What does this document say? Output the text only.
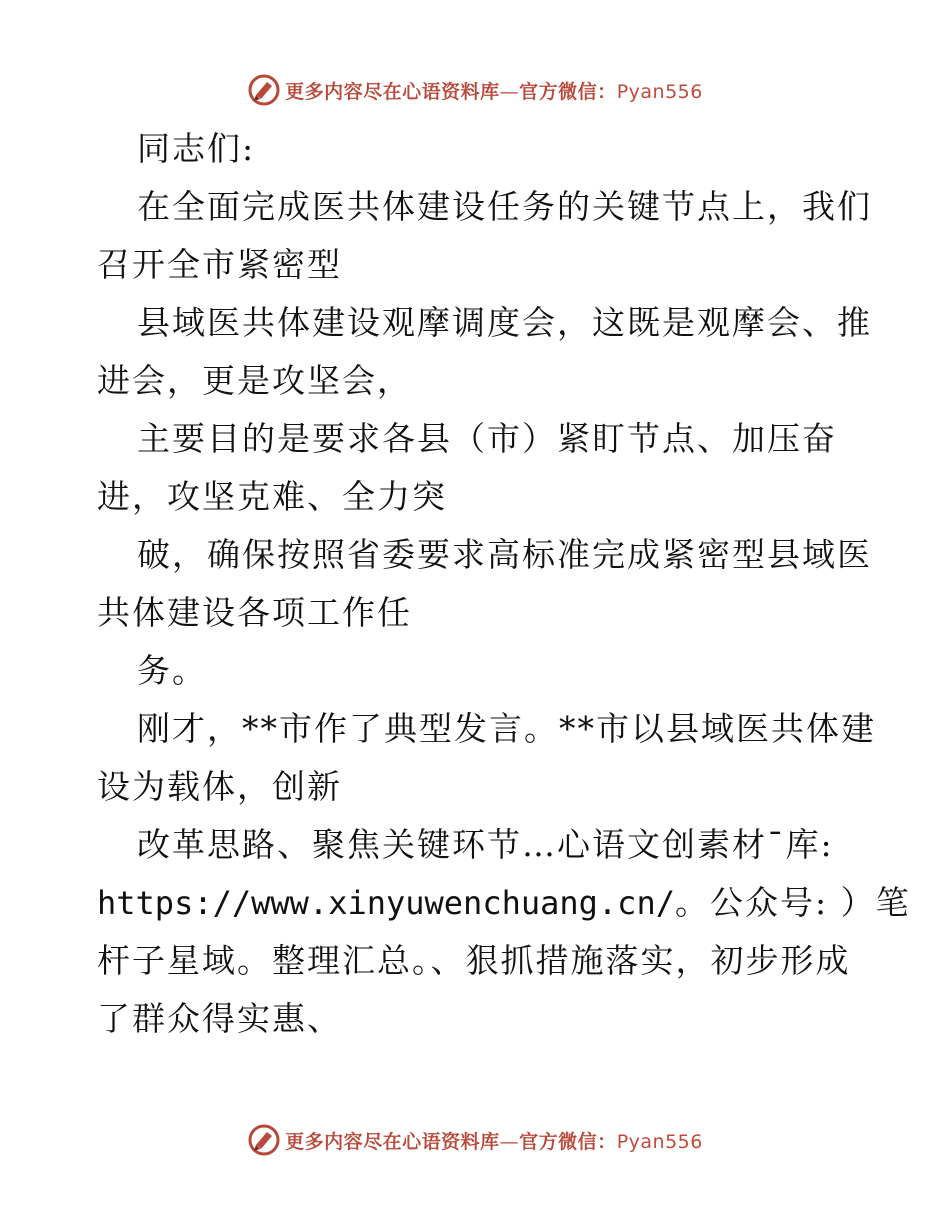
更多内容尽在心语资料库—官方微信：Pyan556
同志们:
在全面完成医共体建设任务的关键节点上，我们
召开全市紧密型
县域医共体建设观摩调度会，这既是观摩会、推
进会，更是攻坚会，
主要目的是要求各县（市）紧盯节点、加压奋
进，攻坚克难、全力突
破，确保按照省委要求高标准完成紧密型县域医
共体建设各项工作任
务。
刚才，**市作了典型发言。**市以县域医共体建
设为载体，创新
改革思路、聚焦关键环节…心语文创素材¯库:
https://www.xinyuwenchuang.cn/。公众号: ）笔
杆子星域。整理汇总。、狠抓措施落实，初步形成
了群众得实惠、
更多内容尽在心语资料库—官方微信：Pyan556
